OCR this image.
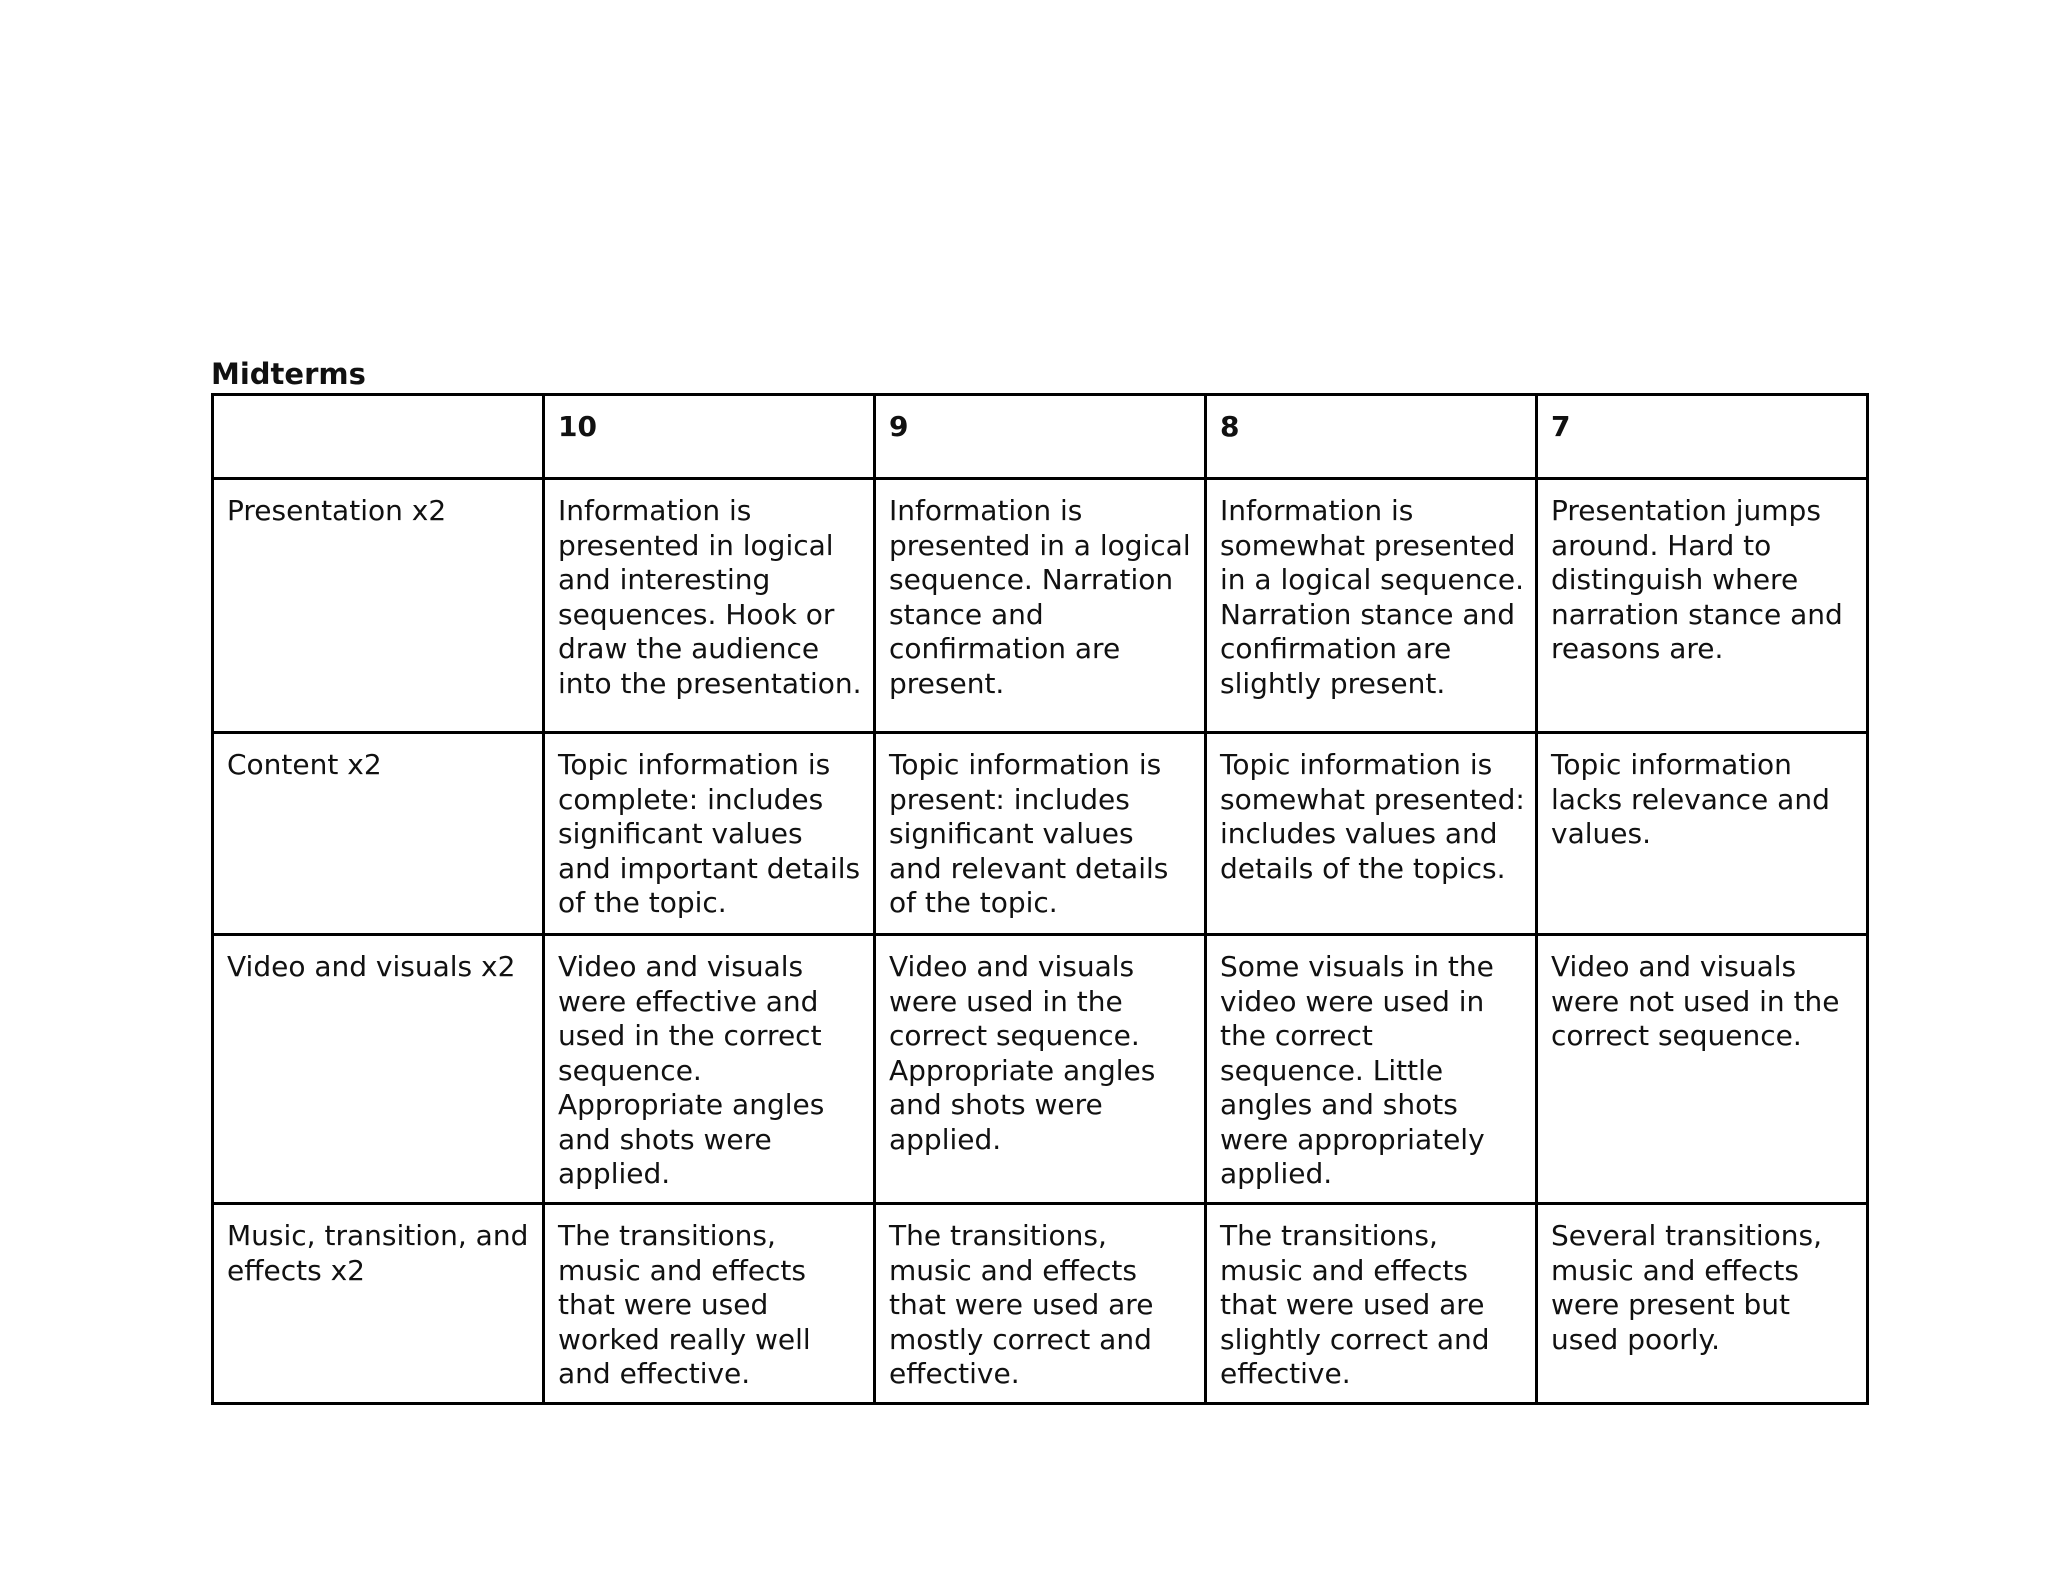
Midterms
	10	9	8	7
Presentation x2	Information is presented in logical and interesting sequences. Hook or draw the audience into the presentation.	Information is presented in a logical sequence. Narration stance and confirmation are present.	Information is somewhat presented in a logical sequence. Narration stance and confirmation are slightly present.	Presentation jumps around. Hard to distinguish where narration stance and reasons are.
Content x2	Topic information is complete: includes significant values and important details of the topic.	Topic information is present: includes significant values and relevant details of the topic.	Topic information is somewhat presented: includes values and details of the topics.	Topic information lacks relevance and values.
Video and visuals x2	Video and visuals were effective and used in the correct sequence. Appropriate angles and shots were applied.	Video and visuals were used in the correct sequence. Appropriate angles and shots were applied.	Some visuals in the video were used in the correct sequence. Little angles and shots were appropriately applied.	Video and visuals were not used in the correct sequence.
Music, transition, and effects x2	The transitions, music and effects that were used worked really well and effective.	The transitions, music and effects that were used are mostly correct and effective.	The transitions, music and effects that were used are slightly correct and effective.	Several transitions, music and effects were present but used poorly.
